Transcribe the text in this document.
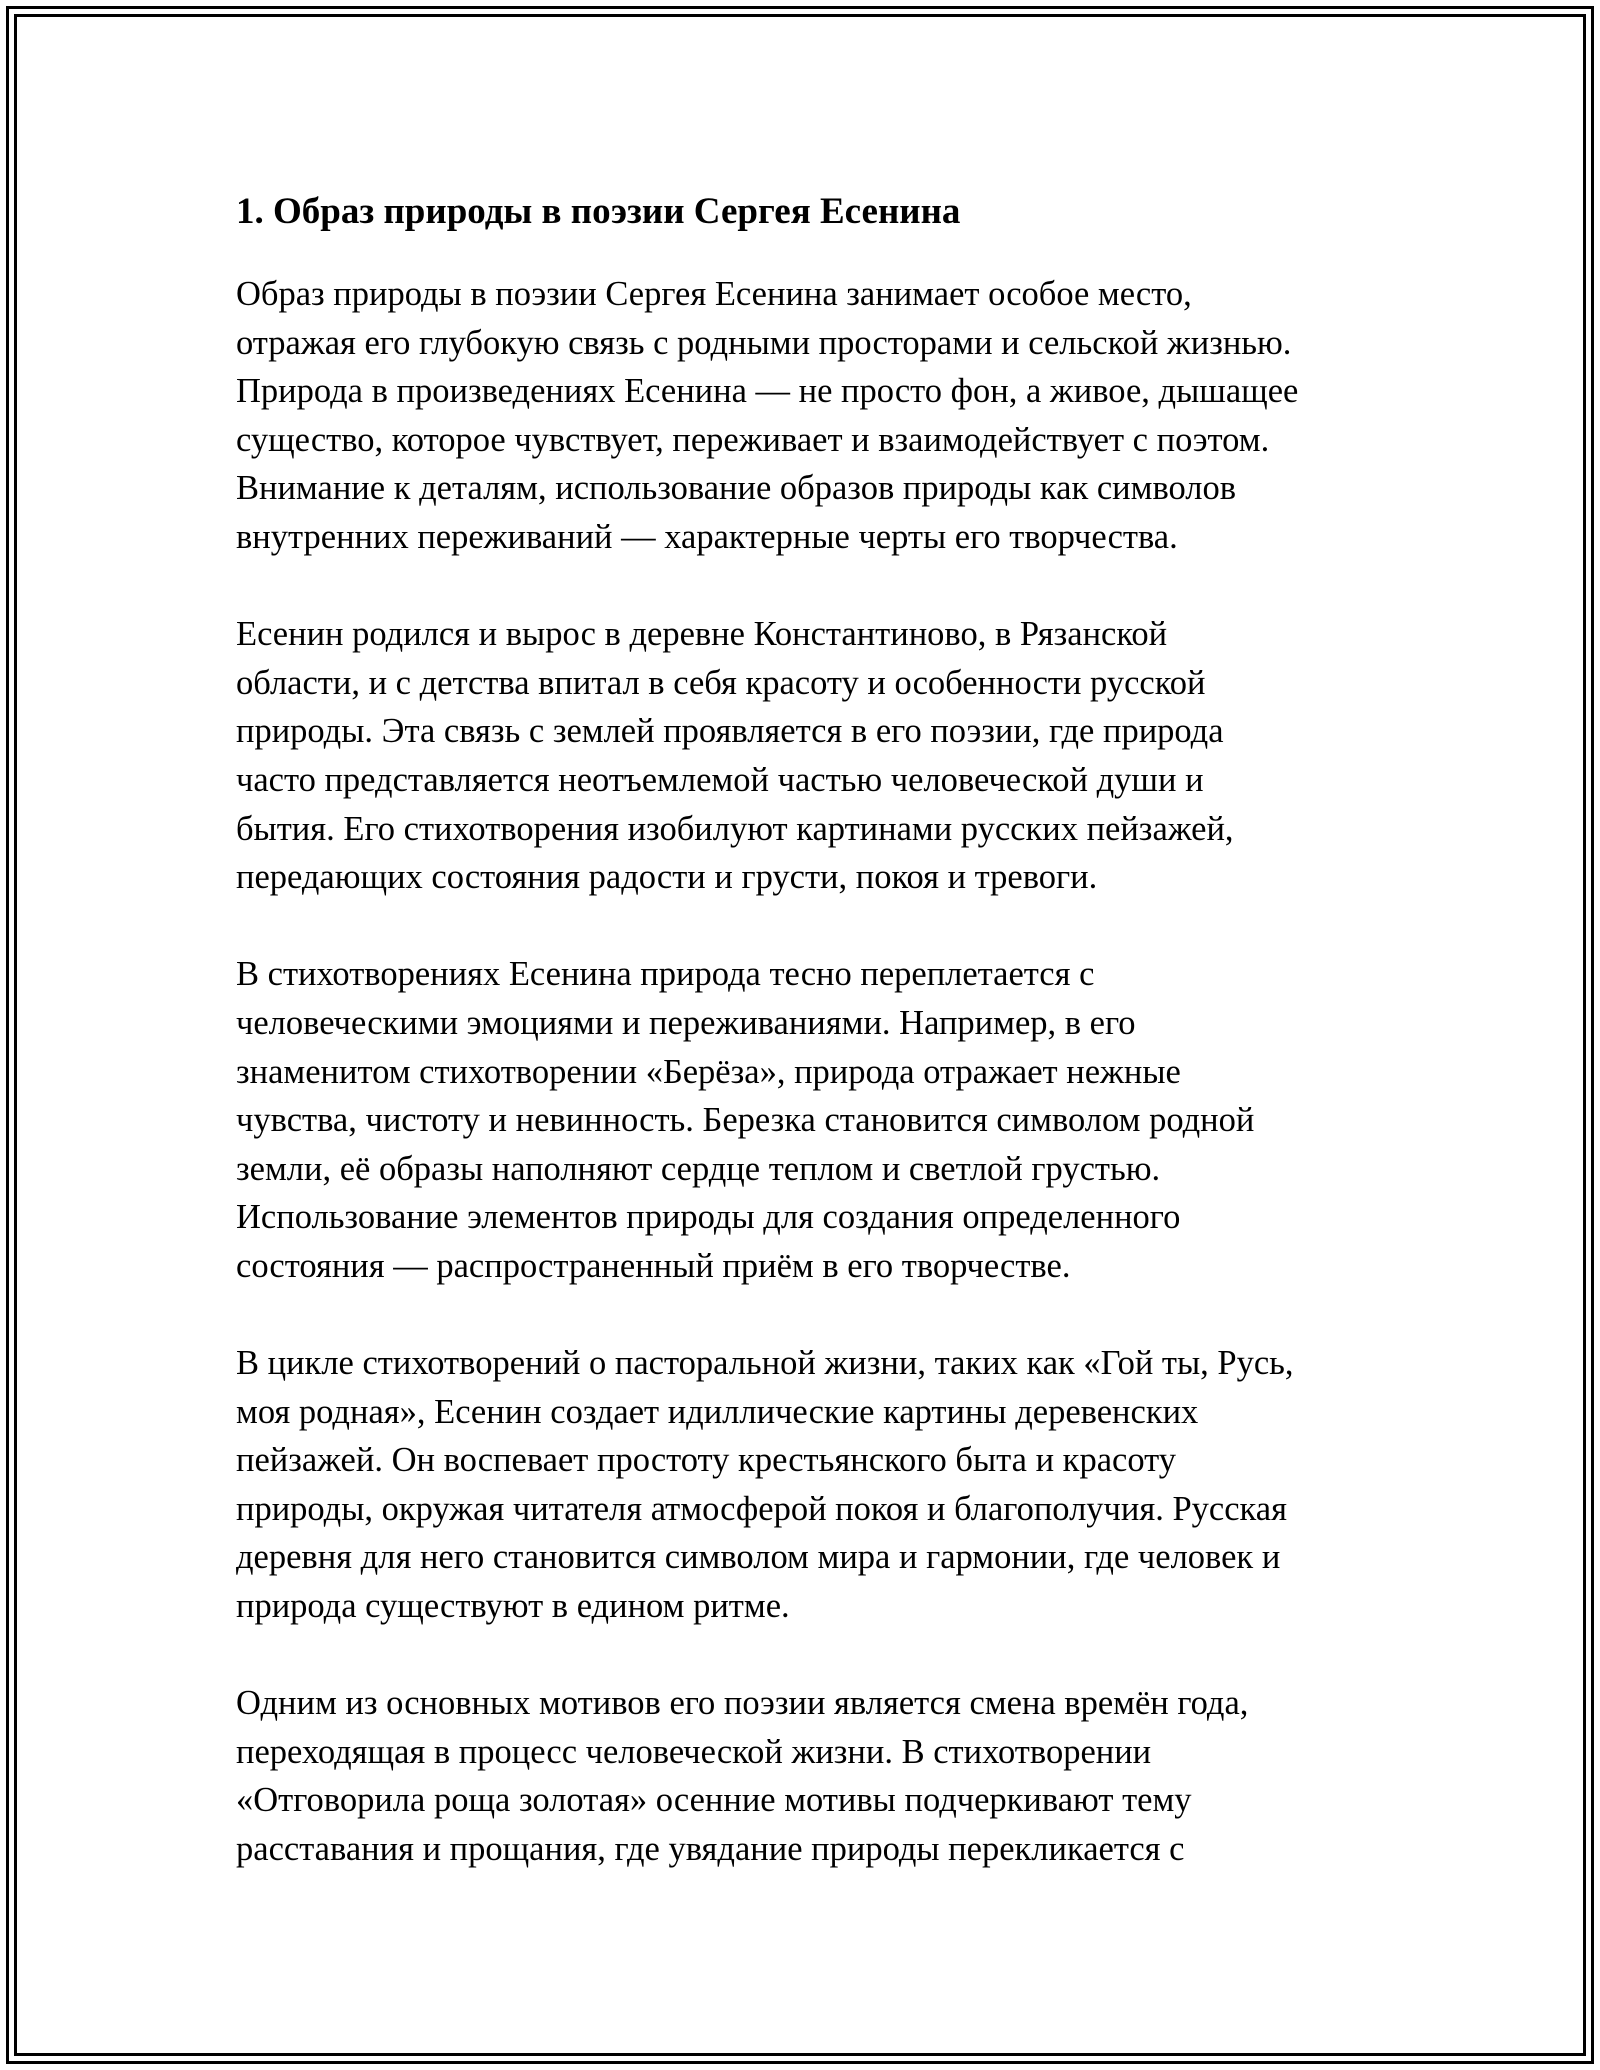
1. Образ природы в поэзии Сергея Есенина
Образ природы в поэзии Сергея Есенина занимает особое место,
отражая его глубокую связь с родными просторами и сельской жизнью.
Природа в произведениях Есенина — не просто фон, а живое, дышащее
существо, которое чувствует, переживает и взаимодействует с поэтом.
Внимание к деталям, использование образов природы как символов
внутренних переживаний — характерные черты его творчества.
Есенин родился и вырос в деревне Константиново, в Рязанской
области, и с детства впитал в себя красоту и особенности русской
природы. Эта связь с землей проявляется в его поэзии, где природа
часто представляется неотъемлемой частью человеческой души и
бытия. Его стихотворения изобилуют картинами русских пейзажей,
передающих состояния радости и грусти, покоя и тревоги.
В стихотворениях Есенина природа тесно переплетается с
человеческими эмоциями и переживаниями. Например, в его
знаменитом стихотворении «Берёза», природа отражает нежные
чувства, чистоту и невинность. Березка становится символом родной
земли, её образы наполняют сердце теплом и светлой грустью.
Использование элементов природы для создания определенного
состояния — распространенный приём в его творчестве.
В цикле стихотворений о пасторальной жизни, таких как «Гой ты, Русь,
моя родная», Есенин создает идиллические картины деревенских
пейзажей. Он воспевает простоту крестьянского быта и красоту
природы, окружая читателя атмосферой покоя и благополучия. Русская
деревня для него становится символом мира и гармонии, где человек и
природа существуют в едином ритме.
Одним из основных мотивов его поэзии является смена времён года,
переходящая в процесс человеческой жизни. В стихотворении
«Отговорила роща золотая» осенние мотивы подчеркивают тему
расставания и прощания, где увядание природы перекликается с
